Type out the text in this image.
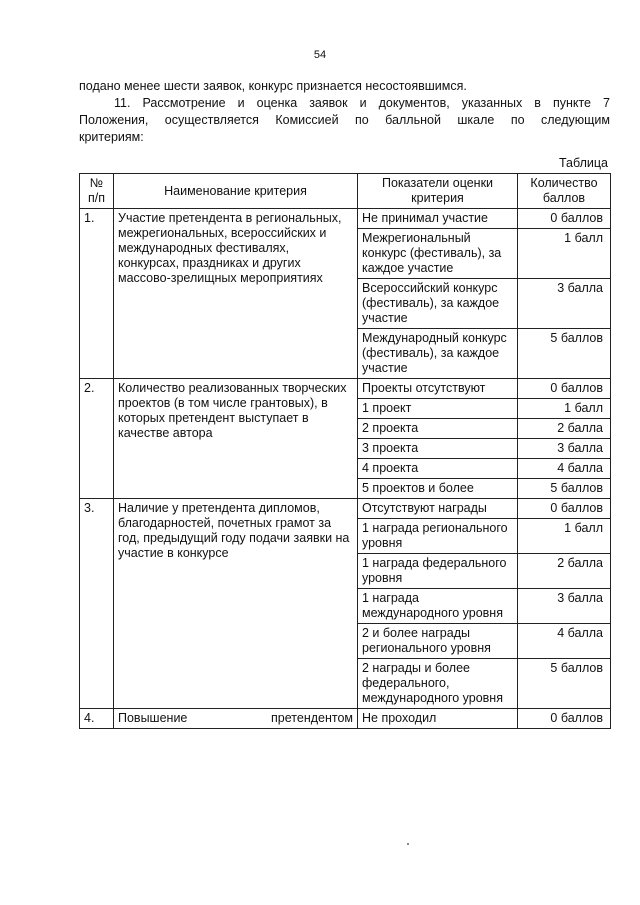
54
подано менее шести заявок, конкурс признается несостоявшимся.
11. Рассмотрение и оценка заявок и документов, указанных в пункте 7
Положения, осуществляется Комиссией по балльной шкале по следующим
критериям:
Таблица
№ п/п	Наименование критерия	Показатели оценки критерия	Количество баллов
1.	Участие претендента в региональных, межрегиональных, всероссийских и международных фестивалях, конкурсах, праздниках и других массово-зрелищных мероприятиях	Не принимал участие	0 баллов
		Межрегиональный конкурс (фестиваль), за каждое участие	1 балл
		Всероссийский конкурс (фестиваль), за каждое участие	3 балла
		Международный конкурс (фестиваль), за каждое участие	5 баллов
2.	Количество реализованных творческих проектов (в том числе грантовых), в которых претендент выступает в качестве автора	Проекты отсутствуют	0 баллов
		1 проект	1 балл
		2 проекта	2 балла
		3 проекта	3 балла
		4 проекта	4 балла
		5 проектов и более	5 баллов
3.	Наличие у претендента дипломов, благодарностей, почетных грамот за год, предыдущий году подачи заявки на участие в конкурсе	Отсутствуют награды	0 баллов
		1 награда регионального уровня	1 балл
		1 награда федерального уровня	2 балла
		1 награда международного уровня	3 балла
		2 и более награды регионального уровня	4 балла
		2 награды и более федерального, международного уровня	5 баллов
4.	Повышение претендентом	Не проходил	0 баллов
